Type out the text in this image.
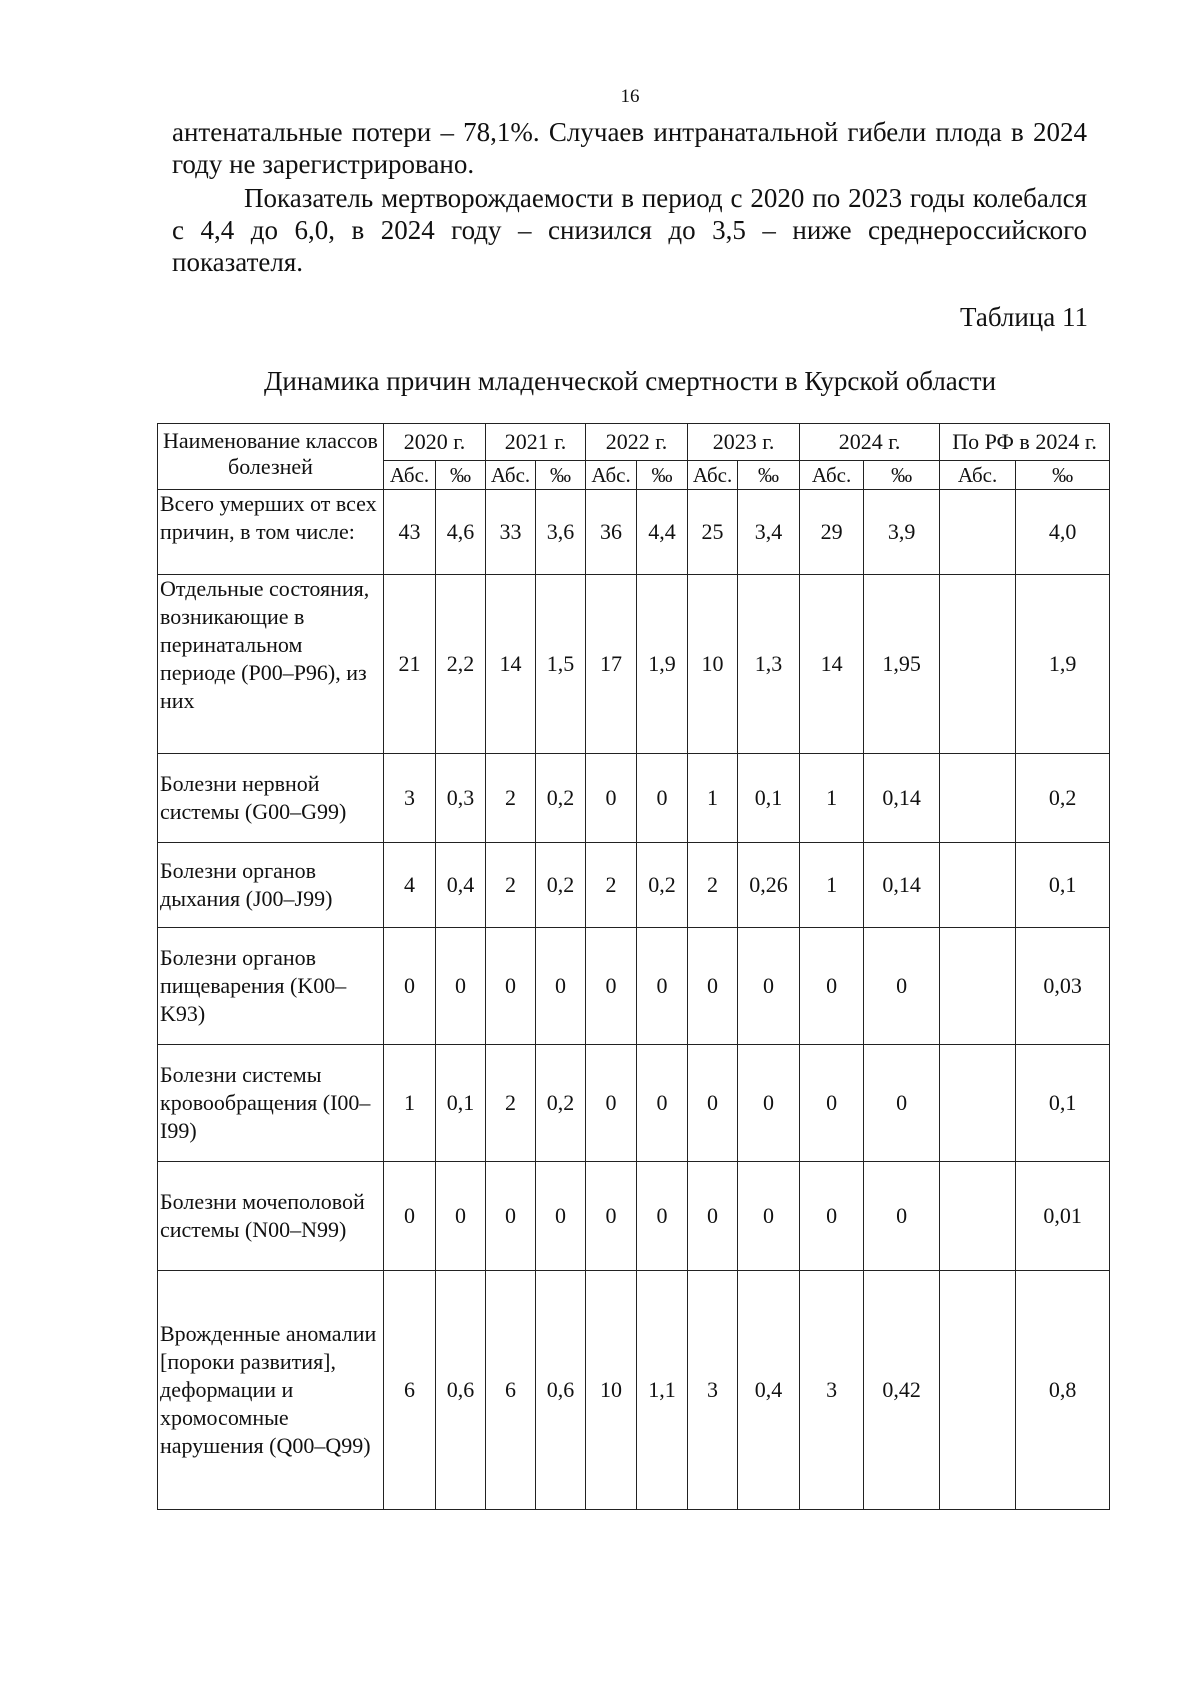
16
антенатальные потери – 78,1%. Случаев интранатальной гибели плода в 2024 году не зарегистрировано.
Показатель мертворождаемости в период с 2020 по 2023 годы колебался с 4,4 до 6,0, в 2024 году – снизился до 3,5 – ниже среднероссийского показателя.
Таблица 11
Динамика причин младенческой смертности в Курской области
Наименование классов болезней	2020 г.		2021 г.		2022 г.		2023 г.		2024 г.		По РФ в 2024 г.	
	Абс.	‰	Абс.	‰	Абс.	‰	Абс.	‰	Абс.	‰	Абс.	‰
Всего умерших от всех причин, в том числе:	43	4,6	33	3,6	36	4,4	25	3,4	29	3,9		4,0
Отдельные состояния, возникающие в перинатальном периоде (Р00–Р96), из них	21	2,2	14	1,5	17	1,9	10	1,3	14	1,95		1,9
Болезни нервной системы (G00–G99)	3	0,3	2	0,2	0	0	1	0,1	1	0,14		0,2
Болезни органов дыхания (J00–J99)	4	0,4	2	0,2	2	0,2	2	0,26	1	0,14		0,1
Болезни органов пищеварения (K00–K93)	0	0	0	0	0	0	0	0	0	0		0,03
Болезни системы кровообращения (I00–I99)	1	0,1	2	0,2	0	0	0	0	0	0		0,1
Болезни мочеполовой системы (N00–N99)	0	0	0	0	0	0	0	0	0	0		0,01
Врожденные аномалии [пороки развития], деформации и хромосомные нарушения (Q00–Q99)	6	0,6	6	0,6	10	1,1	3	0,4	3	0,42		0,8
